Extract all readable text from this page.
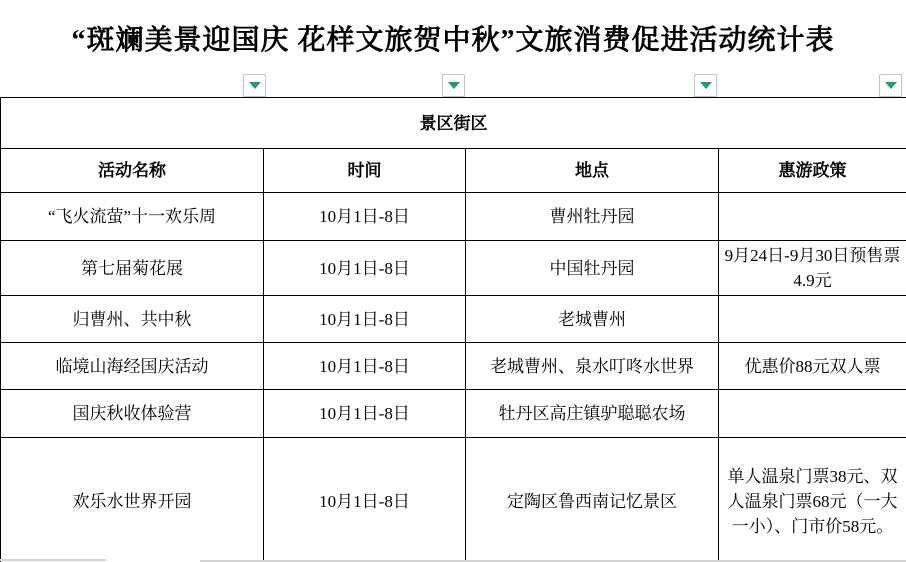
“斑斓美景迎国庆 花样文旅贺中秋”文旅消费促进活动统计表
景区街区			
活动名称	时间	地点	惠游政策
“飞火流萤”十一欢乐周	10月1日-8日	曹州牡丹园	
第七届菊花展	10月1日-8日	中国牡丹园	9月24日-9月30日预售票4.9元
归曹州、共中秋	10月1日-8日	老城曹州	
临境山海经国庆活动	10月1日-8日	老城曹州、泉水叮咚水世界	优惠价88元双人票
国庆秋收体验营	10月1日-8日	牡丹区高庄镇驴聪聪农场	
欢乐水世界开园	10月1日-8日	定陶区鲁西南记忆景区	单人温泉门票38元、双人温泉门票68元（一大一小）、门市价58元。
